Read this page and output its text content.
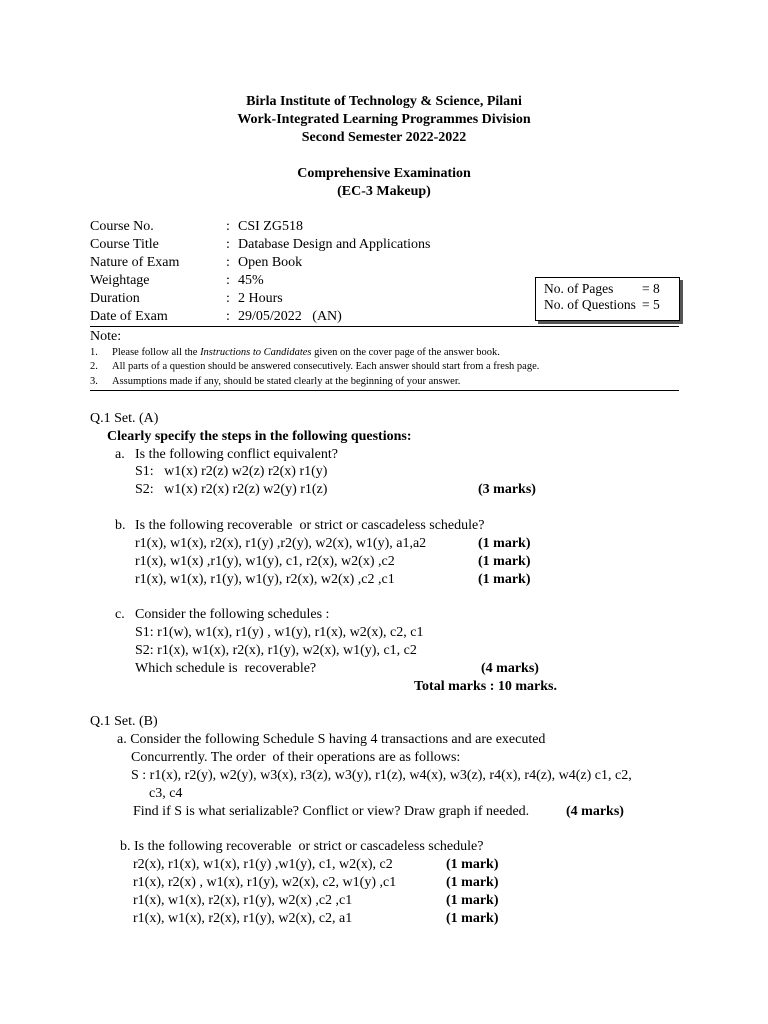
Birla Institute of Technology & Science, Pilani
Work-Integrated Learning Programmes Division
Second Semester 2022-2022
Comprehensive Examination
(EC-3 Makeup)
Course No.	: CSI ZG518
Course Title	: Database Design and Applications
Nature of Exam	: Open Book
Weightage	: 45%
Duration	: 2 Hours
Date of Exam	: 29/05/2022   (AN)
No. of Pages = 8
No. of Questions = 5
Note:
1. Please follow all the Instructions to Candidates given on the cover page of the answer book.
2. All parts of a question should be answered consecutively. Each answer should start from a fresh page.
3. Assumptions made if any, should be stated clearly at the beginning of your answer.
Q.1 Set. (A)
Clearly specify the steps in the following questions:
a. Is the following conflict equivalent?
S1:   w1(x) r2(z) w2(z) r2(x) r1(y)
S2:   w1(x) r2(x) r2(z) w2(y) r1(z)	(3 marks)
b. Is the following recoverable  or strict or cascadeless schedule?
r1(x), w1(x), r2(x), r1(y) ,r2(y), w2(x), w1(y), a1,a2	(1 mark)
r1(x), w1(x) ,r1(y), w1(y), c1, r2(x), w2(x) ,c2	(1 mark)
r1(x), w1(x), r1(y), w1(y), r2(x), w2(x) ,c2 ,c1	(1 mark)
c. Consider the following schedules :
S1: r1(w), w1(x), r1(y) , w1(y), r1(x), w2(x), c2, c1
S2: r1(x), w1(x), r2(x), r1(y), w2(x), w1(y), c1, c2
Which schedule is  recoverable?	(4 marks)
Total marks : 10 marks.
Q.1 Set. (B)
a. Consider the following Schedule S having 4 transactions and are executed
Concurrently. The order  of their operations are as follows:
S : r1(x), r2(y), w2(y), w3(x), r3(z), w3(y), r1(z), w4(x), w3(z), r4(x), r4(z), w4(z) c1, c2,
c3, c4
Find if S is what serializable? Conflict or view? Draw graph if needed.	(4 marks)
b. Is the following recoverable  or strict or cascadeless schedule?
r2(x), r1(x), w1(x), r1(y) ,w1(y), c1, w2(x), c2	(1 mark)
r1(x), r2(x) , w1(x), r1(y), w2(x), c2, w1(y) ,c1	(1 mark)
r1(x), w1(x), r2(x), r1(y), w2(x) ,c2 ,c1	(1 mark)
r1(x), w1(x), r2(x), r1(y), w2(x), c2, a1	(1 mark)
